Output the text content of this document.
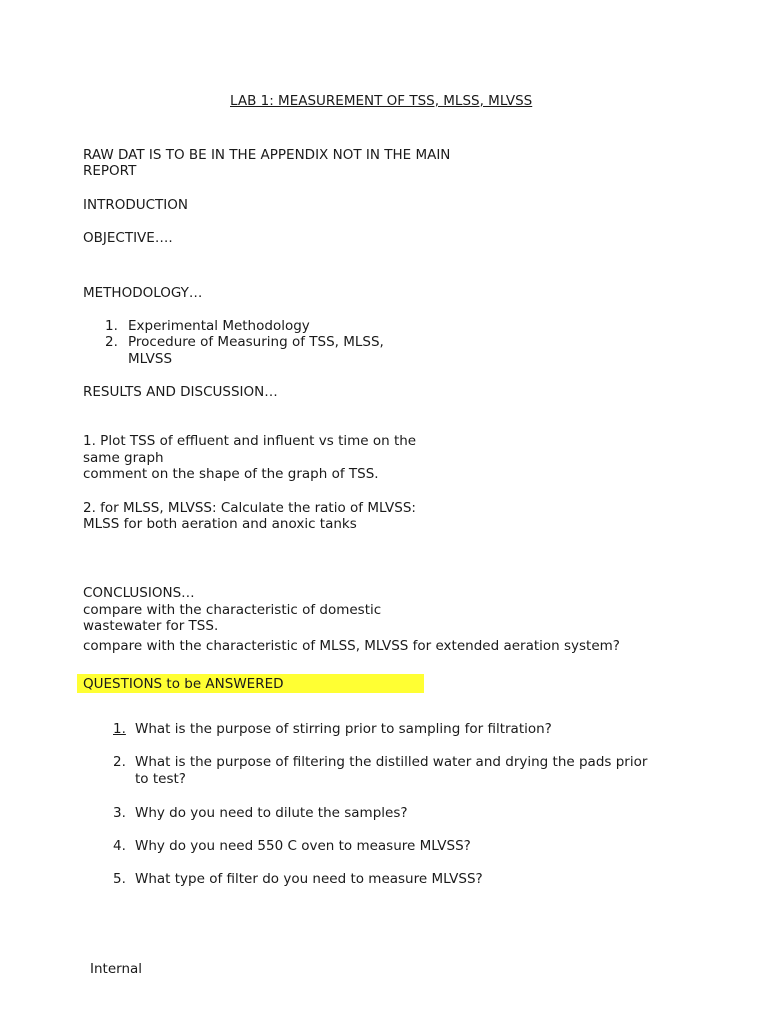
LAB 1: MEASUREMENT OF TSS, MLSS, MLVSS
RAW DAT IS TO BE IN THE APPENDIX NOT IN THE MAIN
REPORT
INTRODUCTION
OBJECTIVE….
METHODOLOGY…
1. Experimental Methodology
2. Procedure of Measuring of TSS, MLSS,
MLVSS
RESULTS AND DISCUSSION…
1. Plot TSS of effluent and influent vs time on the
same graph
comment on the shape of the graph of TSS.
2. for MLSS, MLVSS: Calculate the ratio of MLVSS:
MLSS for both aeration and anoxic tanks
CONCLUSIONS…
compare with the characteristic of domestic
wastewater for TSS.
compare with the characteristic of MLSS, MLVSS for extended aeration system?
QUESTIONS to be ANSWERED
1. What is the purpose of stirring prior to sampling for filtration?
2. What is the purpose of filtering the distilled water and drying the pads prior
to test?
3. Why do you need to dilute the samples?
4. Why do you need 550 C oven to measure MLVSS?
5. What type of filter do you need to measure MLVSS?
Internal
